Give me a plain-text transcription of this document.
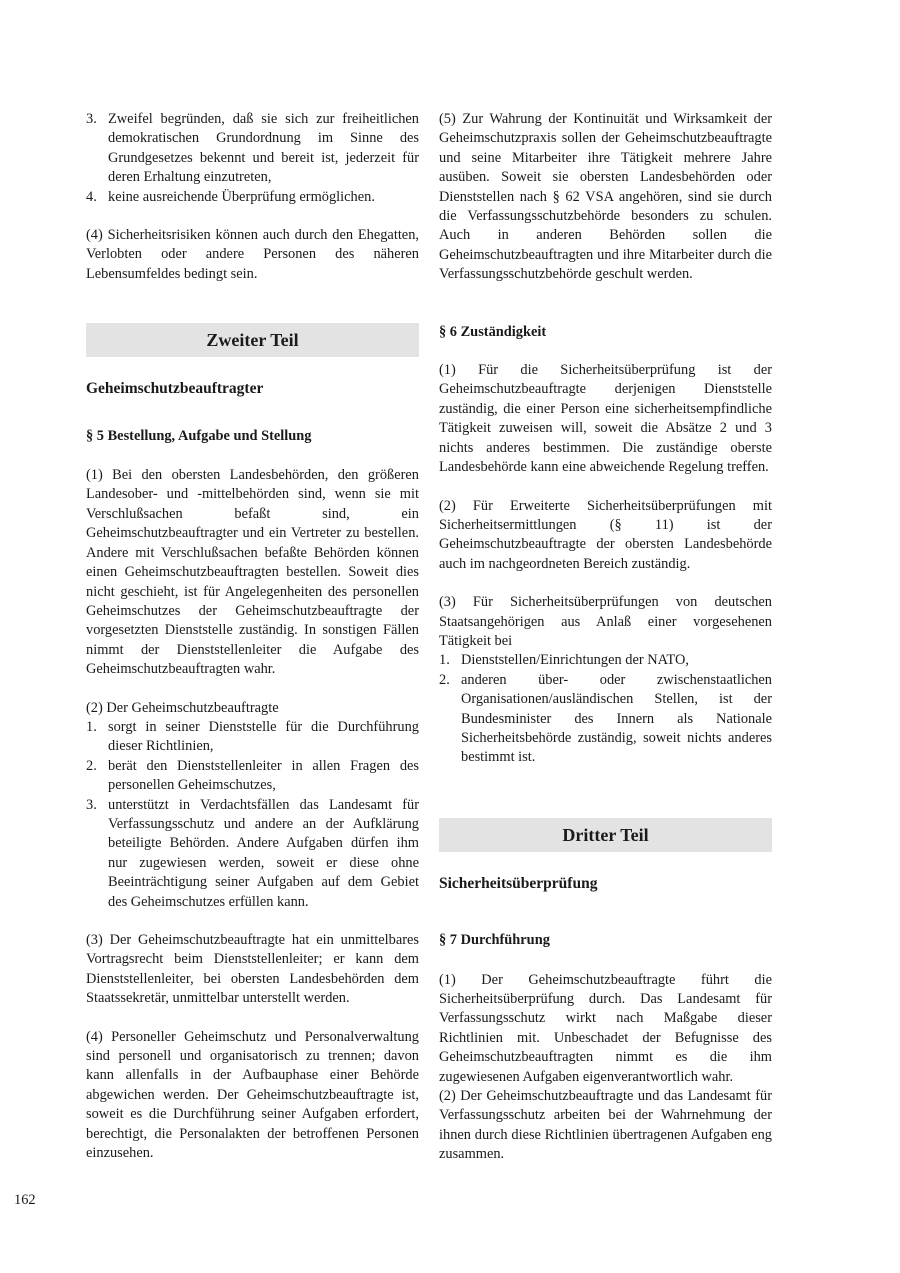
3. Zweifel begründen, daß sie sich zur freiheitlichen demokratischen Grundordnung im Sinne des Grundgesetzes bekennt und bereit ist, jederzeit für deren Erhaltung einzutreten,
4. keine ausreichende Überprüfung ermöglichen.

(4) Sicherheitsrisiken können auch durch den Ehegatten, Verlobten oder andere Personen des näheren Lebensumfeldes bedingt sein.

Zweiter Teil
Geheimschutzbeauftragter
§ 5 Bestellung, Aufgabe und Stellung

(1) Bei den obersten Landesbehörden, den größeren Landesober- und -mittelbehörden sind, wenn sie mit Verschlußsachen befaßt sind, ein Geheimschutzbeauftragter und ein Vertreter zu bestellen. Andere mit Verschlußsachen befaßte Behörden können einen Geheimschutzbeauftragten bestellen. Soweit dies nicht geschieht, ist für Angelegenheiten des personellen Geheimschutzes der Geheimschutzbeauftragte der vorgesetzten Dienststelle zuständig. In sonstigen Fällen nimmt der Dienststellenleiter die Aufgabe des Geheimschutzbeauftragten wahr.

(2) Der Geheimschutzbeauftragte

1. sorgt in seiner Dienststelle für die Durchführung dieser Richtlinien,
2. berät den Dienststellenleiter in allen Fragen des personellen Geheimschutzes,
3. unterstützt in Verdachtsfällen das Landesamt für Verfassungsschutz und andere an der Aufklärung beteiligte Behörden. Andere Aufgaben dürfen ihm nur zugewiesen werden, soweit er diese ohne Beeinträchtigung seiner Aufgaben auf dem Gebiet des Geheimschutzes erfüllen kann.

(3) Der Geheimschutzbeauftragte hat ein unmittelbares Vortragsrecht beim Dienststellenleiter; er kann dem Dienststellenleiter, bei obersten Landesbehörden dem Staatssekretär, unmittelbar unterstellt werden.

(4) Personeller Geheimschutz und Personalverwaltung sind personell und organisatorisch zu trennen; davon kann allenfalls in der Aufbauphase einer Behörde abgewichen werden. Der Geheimschutzbeauftragte ist, soweit es die Durchführung seiner Aufgaben erfordert, berechtigt, die Personalakten der betroffenen Personen einzusehen.

(5) Zur Wahrung der Kontinuität und Wirksamkeit der Geheimschutzpraxis sollen der Geheimschutzbeauftragte und seine Mitarbeiter ihre Tätigkeit mehrere Jahre ausüben. Soweit sie obersten Landesbehörden oder Dienststellen nach § 62 VSA angehören, sind sie durch die Verfassungsschutzbehörde besonders zu schulen. Auch in anderen Behörden sollen die Geheimschutzbeauftragten und ihre Mitarbeiter durch die Verfassungsschutzbehörde geschult werden.

§ 6 Zuständigkeit

(1) Für die Sicherheitsüberprüfung ist der Geheimschutzbeauftragte derjenigen Dienststelle zuständig, die einer Person eine sicherheitsempfindliche Tätigkeit zuweisen will, soweit die Absätze 2 und 3 nichts anderes bestimmen. Die zuständige oberste Landesbehörde kann eine abweichende Regelung treffen.

(2) Für Erweiterte Sicherheitsüberprüfungen mit Sicherheitsermittlungen (§ 11) ist der Geheimschutzbeauftragte der obersten Landesbehörde auch im nachgeordneten Bereich zuständig.

(3) Für Sicherheitsüberprüfungen von deutschen Staatsangehörigen aus Anlaß einer vorgesehenen Tätigkeit bei

1. Dienststellen/Einrichtungen der NATO,
2. anderen über- oder zwischenstaatlichen Organisationen/ausländischen Stellen, ist der Bundesminister des Innern als Nationale Sicherheitsbehörde zuständig, soweit nichts anderes bestimmt ist.
Dritter Teil
Sicherheitsüberprüfung
§ 7 Durchführung

(1) Der Geheimschutzbeauftragte führt die Sicherheitsüberprüfung durch. Das Landesamt für Verfassungsschutz wirkt nach Maßgabe dieser Richtlinien mit. Unbeschadet der Befugnisse des Geheimschutzbeauftragten nimmt es die ihm zugewiesenen Aufgaben eigenverantwortlich wahr.

(2) Der Geheimschutzbeauftragte und das Landesamt für Verfassungsschutz arbeiten bei der Wahrnehmung der ihnen durch diese Richtlinien übertragenen Aufgaben eng zusammen.

162
